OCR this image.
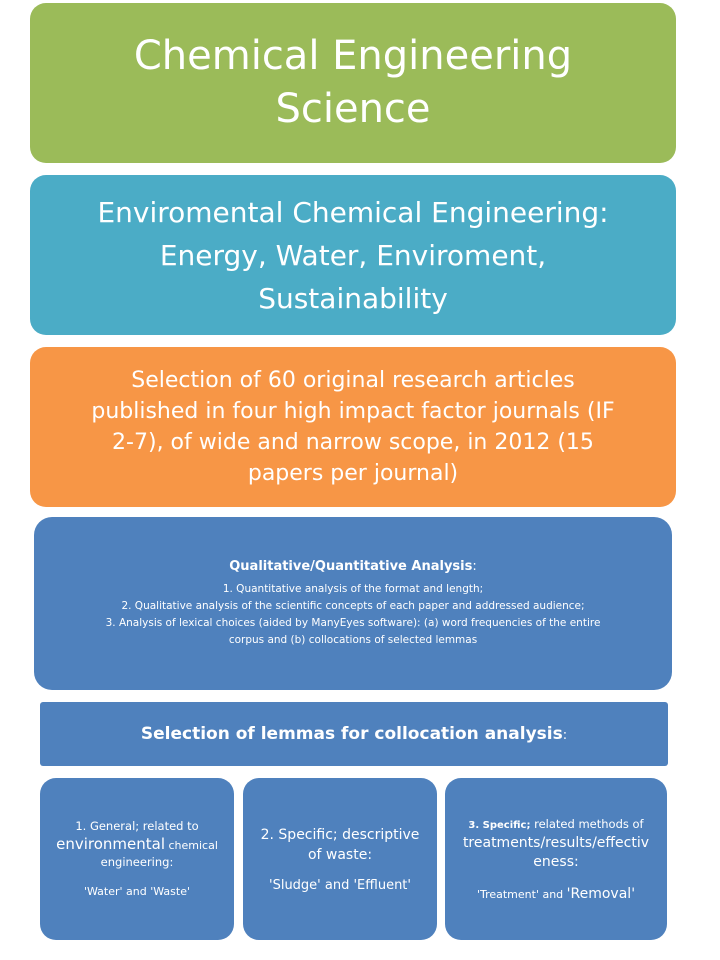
Chemical Engineering
Science
Enviromental Chemical Engineering:
Energy, Water, Enviroment,
Sustainability
Selection of 60 original research articles
published in four high impact factor journals (IF
2-7), of wide and narrow scope, in 2012 (15
papers per journal)
Qualitative/Quantitative Analysis:
1. Quantitative analysis of the format and length;
2. Qualitative analysis of the scientific concepts of each paper and addressed audience;
3. Analysis of lexical choices (aided by ManyEyes software): (a) word frequencies of the entire
corpus and (b) collocations of selected lemmas
Selection of lemmas for collocation analysis:
1. General; related to
environmental chemical
engineering:
'Water' and 'Waste'
2. Specific; descriptive
of waste:
'Sludge' and 'Effluent'
3. Specific; related methods of
treatments/results/effectiv
eness:
'Treatment' and 'Removal'
